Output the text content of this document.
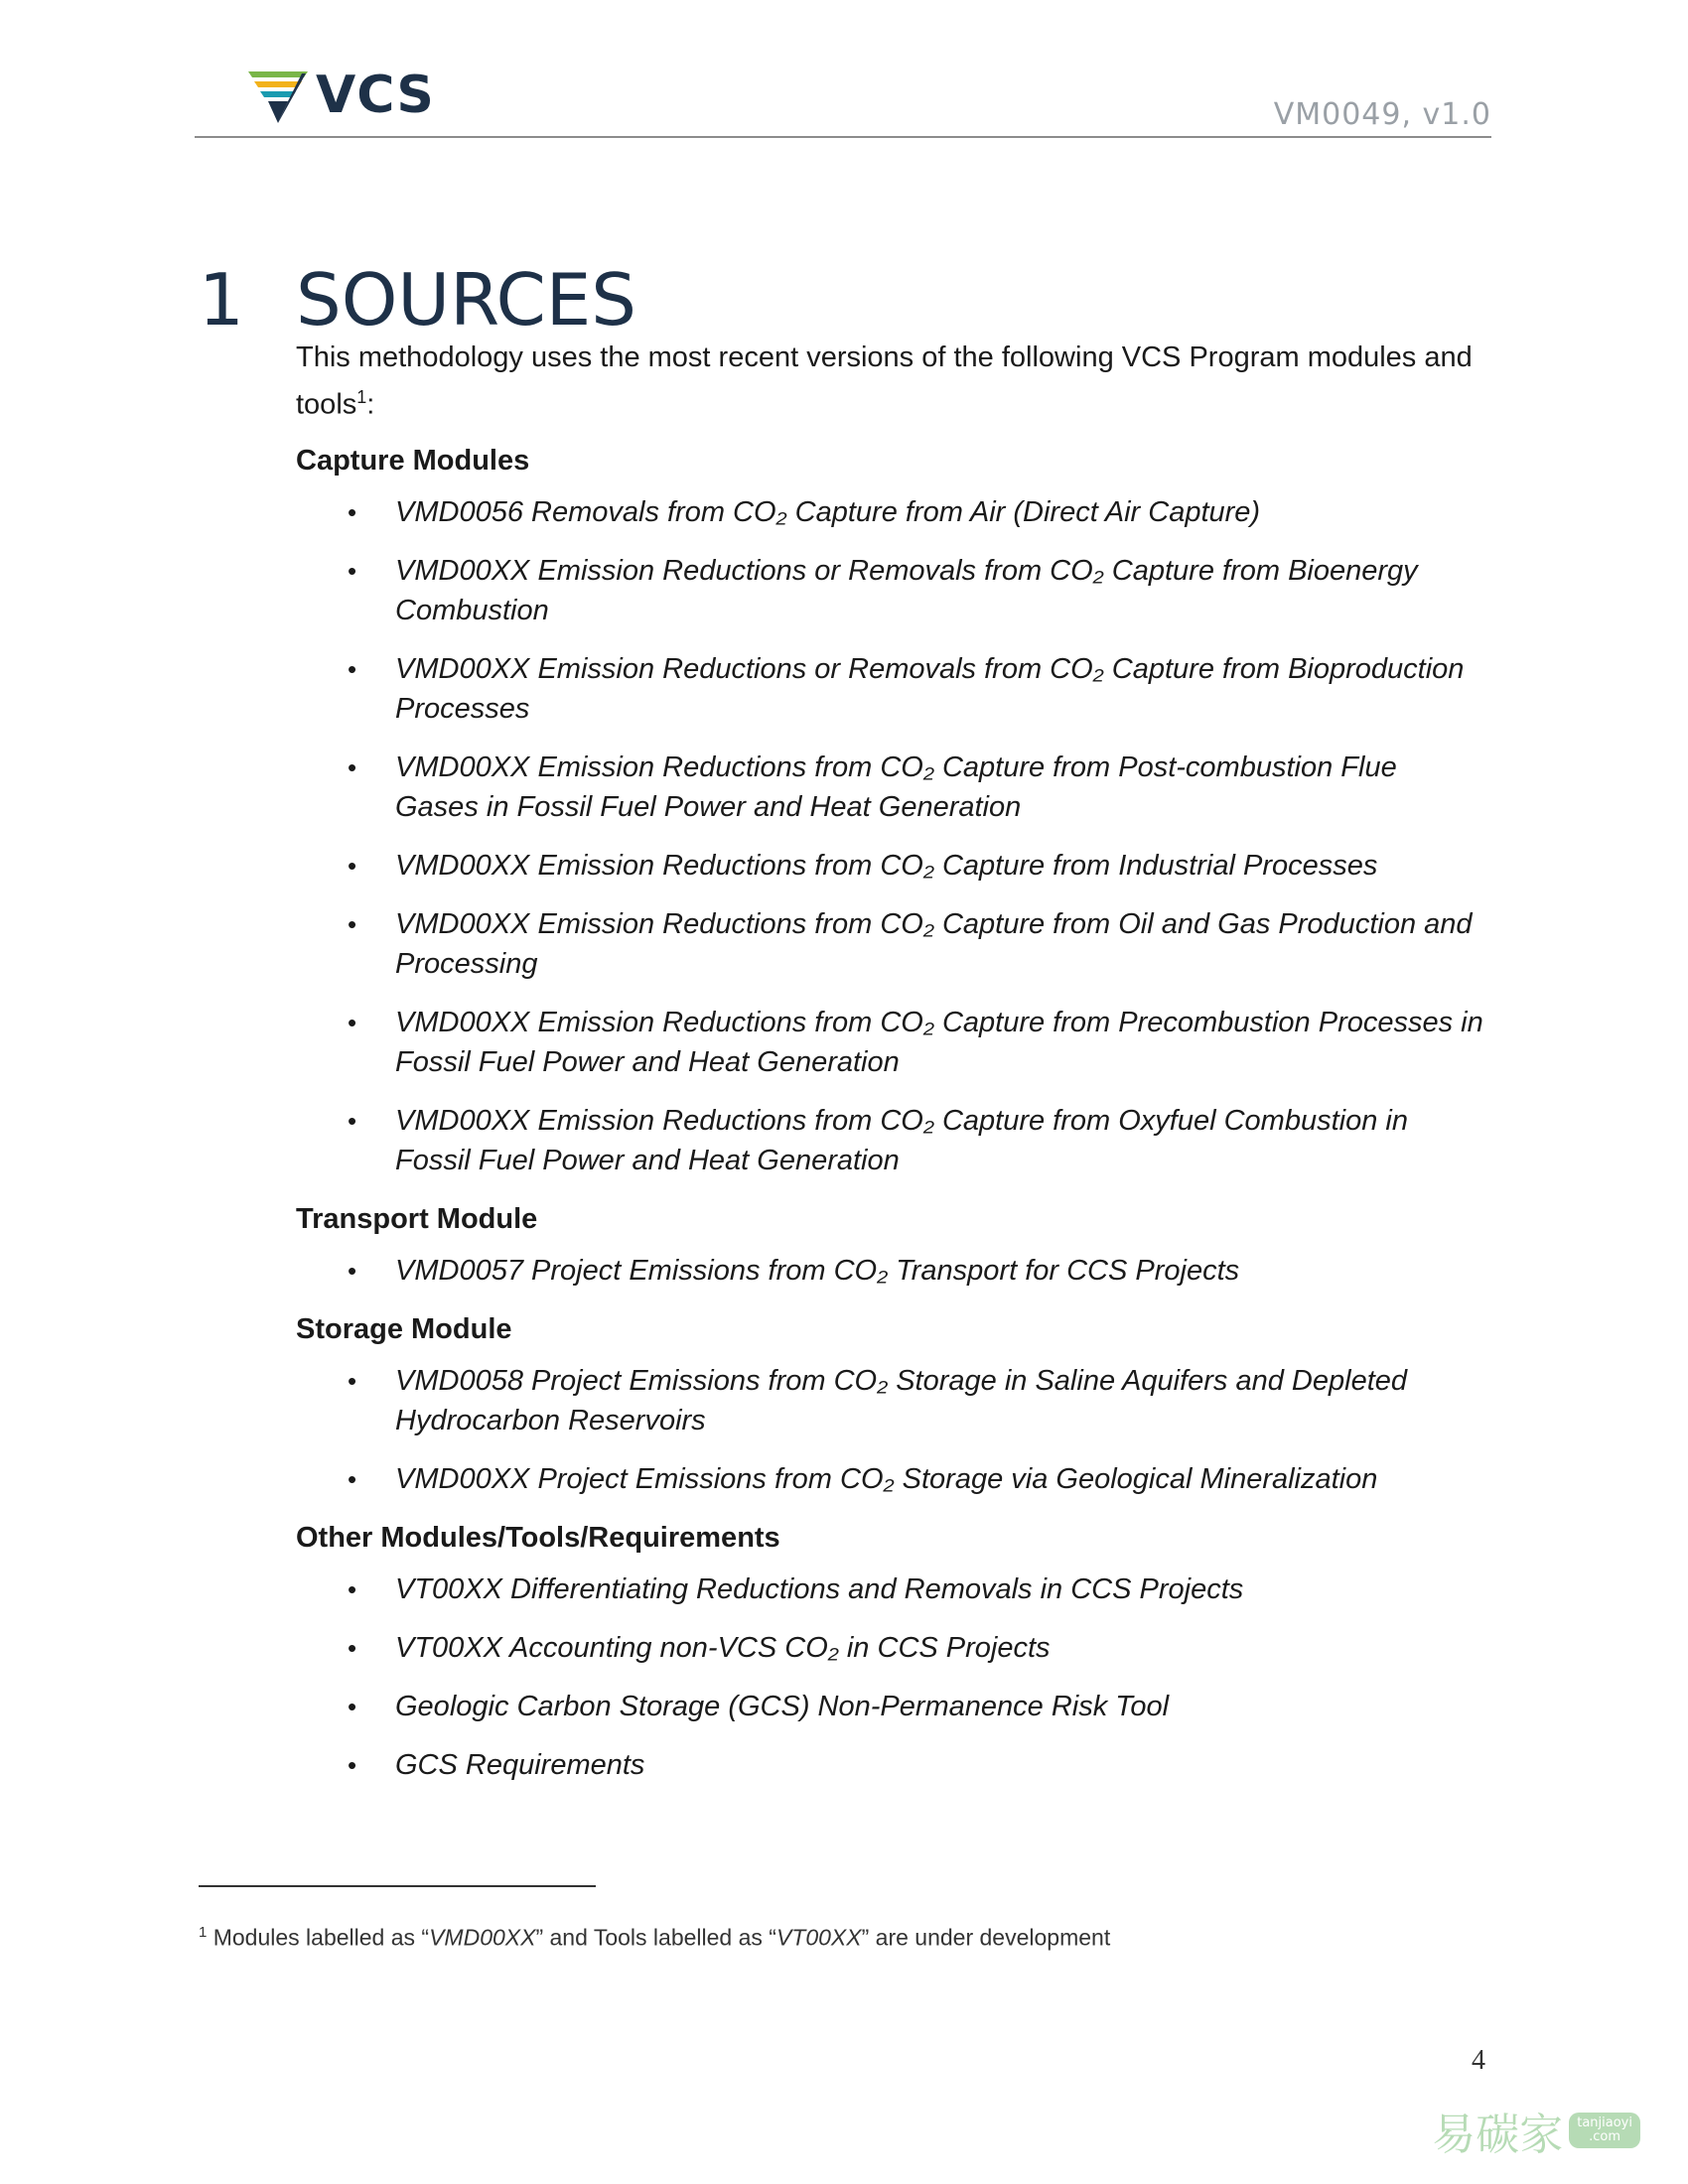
VCS	VM0049, v1.0
1 SOURCES

This methodology uses the most recent versions of the following VCS Program modules and tools$^1$:

Capture Modules
• VMD0056 Removals from CO₂ Capture from Air (Direct Air Capture)
• VMD00XX Emission Reductions or Removals from CO₂ Capture from Bioenergy Combustion
• VMD00XX Emission Reductions or Removals from CO₂ Capture from Bioproduction Processes
• VMD00XX Emission Reductions from CO₂ Capture from Post-combustion Flue Gases in Fossil Fuel Power and Heat Generation
• VMD00XX Emission Reductions from CO₂ Capture from Industrial Processes
• VMD00XX Emission Reductions from CO₂ Capture from Oil and Gas Production and Processing
• VMD00XX Emission Reductions from CO₂ Capture from Precombustion Processes in Fossil Fuel Power and Heat Generation
• VMD00XX Emission Reductions from CO₂ Capture from Oxyfuel Combustion in Fossil Fuel Power and Heat Generation
Transport Module
• VMD0057 Project Emissions from CO₂ Transport for CCS Projects
Storage Module
• VMD0058 Project Emissions from CO₂ Storage in Saline Aquifers and Depleted Hydrocarbon Reservoirs
• VMD00XX Project Emissions from CO₂ Storage via Geological Mineralization
Other Modules/Tools/Requirements
• VT00XX Differentiating Reductions and Removals in CCS Projects
• VT00XX Accounting non-VCS CO₂ in CCS Projects
• Geologic Carbon Storage (GCS) Non-Permanence Risk Tool
• GCS Requirements
$^1$ Modules labelled as “VMD00XX” and Tools labelled as “VT00XX” are under development
4
易碳家	tanjiaoyi
.com
